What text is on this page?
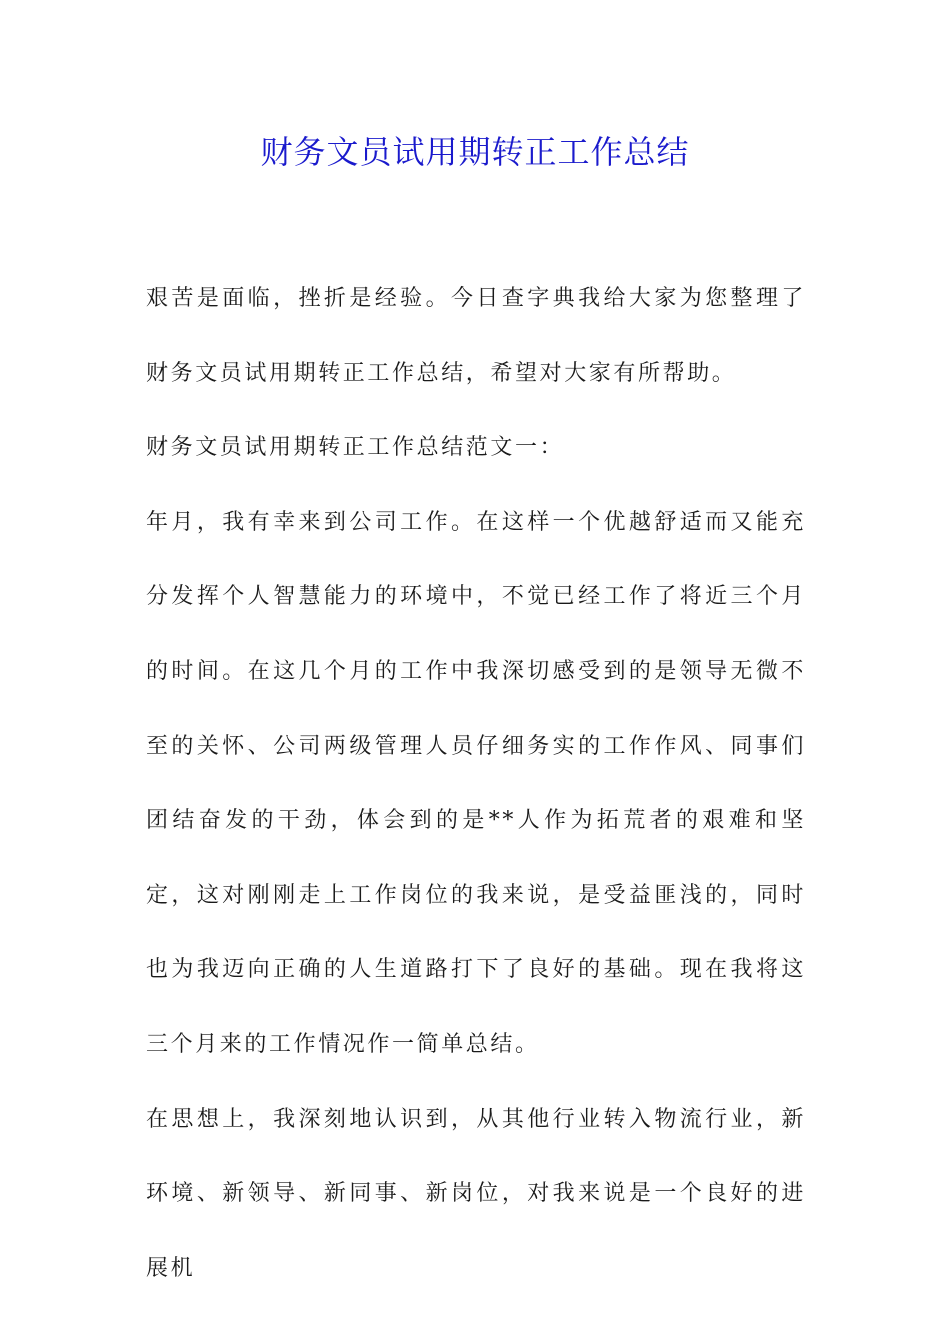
财务文员试用期转正工作总结

艰苦是面临，挫折是经验。今日查字典我给大家为您整理了财务文员试用期转正工作总结，希望对大家有所帮助。

财务文员试用期转正工作总结范文一：

年月，我有幸来到公司工作。在这样一个优越舒适而又能充分发挥个人智慧能力的环境中，不觉已经工作了将近三个月的时间。在这几个月的工作中我深切感受到的是领导无微不至的关怀、公司两级管理人员仔细务实的工作作风、同事们团结奋发的干劲，体会到的是**人作为拓荒者的艰难和坚定，这对刚刚走上工作岗位的我来说，是受益匪浅的，同时也为我迈向正确的人生道路打下了良好的基础。现在我将这三个月来的工作情况作一简单总结。

在思想上，我深刻地认识到，从其他行业转入物流行业，新环境、新领导、新同事、新岗位，对我来说是一个良好的进展机
